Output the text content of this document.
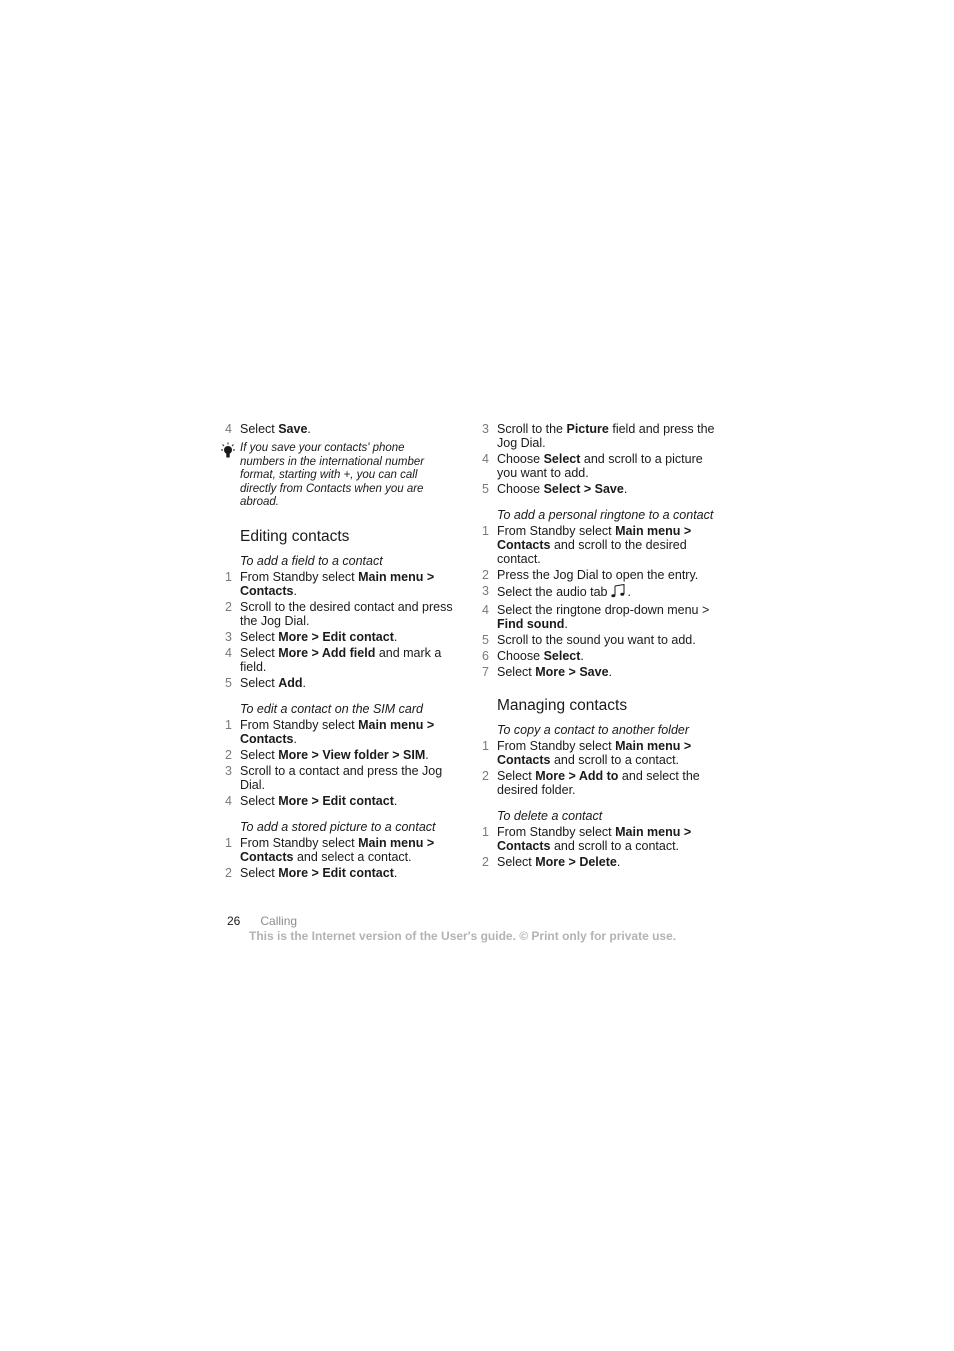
4 Select Save.
If you save your contacts' phone numbers in the international number format, starting with +, you can call directly from Contacts when you are abroad.
Editing contacts
To add a field to a contact
1 From Standby select Main menu > Contacts.
2 Scroll to the desired contact and press the Jog Dial.
3 Select More > Edit contact.
4 Select More > Add field and mark a field.
5 Select Add.
To edit a contact on the SIM card
1 From Standby select Main menu > Contacts.
2 Select More > View folder > SIM.
3 Scroll to a contact and press the Jog Dial.
4 Select More > Edit contact.
To add a stored picture to a contact
1 From Standby select Main menu > Contacts and select a contact.
2 Select More > Edit contact.
3 Scroll to the Picture field and press the Jog Dial.
4 Choose Select and scroll to a picture you want to add.
5 Choose Select > Save.
To add a personal ringtone to a contact
1 From Standby select Main menu > Contacts and scroll to the desired contact.
2 Press the Jog Dial to open the entry.
3 Select the audio tab .
4 Select the ringtone drop-down menu > Find sound.
5 Scroll to the sound you want to add.
6 Choose Select.
7 Select More > Save.
Managing contacts
To copy a contact to another folder
1 From Standby select Main menu > Contacts and scroll to a contact.
2 Select More > Add to and select the desired folder.
To delete a contact
1 From Standby select Main menu > Contacts and scroll to a contact.
2 Select More > Delete.
26 Calling
This is the Internet version of the User's guide. © Print only for private use.
